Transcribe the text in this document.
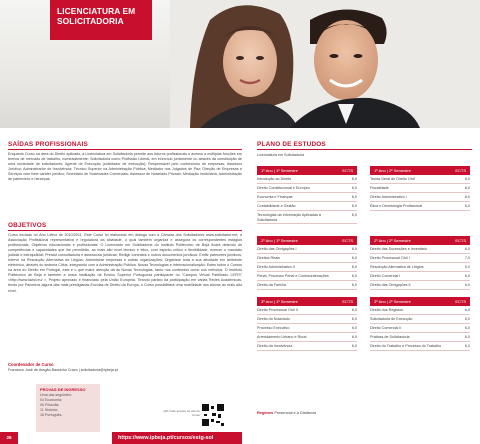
LICENCIATURA EM
SOLICITADORIA
SAÍDAS PROFISSIONAIS
Enquanto Curso na área do Direito aplicado, a Licenciatura em Solicitadoria permite aos futuros profissionais o acesso a múltiplas funções em termos de mercado de trabalho, nomeadamente: Solicitadoria como Profissão Liberal, em exercício juntamente ou através da constituição de uma sociedade de solicitadores; Agente de Execução (solicitador de execução); Responsável pelo contencioso de empresas; Assessor Jurídico; Administrador de Insolvência; Técnico Superior na Administração Pública; Mediador nos Julgados de Paz; Direção de Empresas e Serviços com forte caráter jurídico; Secretário de Sociedades Comerciais; Assessor de Notariado Privado; Mediação Imobiliária, Administração de património e heranças.
OBJETIVOS
Curso iniciado no Ano Letivo de 2010/2011. Este Curso foi elaborado em diálogo com a Câmara dos Solicitadores www.solicitador.net, a Associação Profissional representativa e reguladora da atividade, o qual também organiza e assegura os correspondentes estágios profissionais. Objetivos educacionais e profissionais: O Licenciado em Solicitadoria do Instituto Politécnico de Beja ficará detendo de competências e capacidades que lhe permitirão, ao mais alto nível técnico e ético, com espírito crítico e flexibilidade, exercer o mandato judicial e extrajudicial; Prestar consultadoria e assessoria jurídicas; Redigir contratos e outros documentos jurídicos; Emitir pareceres jurídicos; Intervir na Resolução Alternativa de Litígios; Administrar empresas e outras organizações; Organizar toda a sua atividade em ambiente eletrónico, através do sistema Citius, integrando com a Administração Pública. Novas Tecnologias e Internacionalização: Estes todos o Cursos na área do Direito em Portugal, este é o que maior atenção dá às Novas Tecnologias, tanto nos conteúdos como nos métodos. O Instituto Politécnico de Beja é também a única Instituição de Ensino Superior Portuguesa participante no "Campus Virtual Partilhado LEFIS" <http://www.lawcl.eu/ >, Projeto aprovado e financiado pela União Europeia. Tirando partido da participação em várias Redes Académicas, tendo por Parceiros alguns das mais prestigiadas Escolas de Direito da Europa, o Curso possibilitará uma mobilidade dos alunos ao mais alto nível.
Coordenador de Curso
Francisco José de Aragão Bassinho Cravo | solicitadoria@ipbeja.pt
PROVAS DE INGRESSO
Uma das seguintes:
04 Economia;
06 Filosofia;
11 História;
18 Português.
QR Code acesso ao site do Curso
26	https://www.ipbeja.pt/cursos/estg-sol
PLANO DE ESTUDOS
Licenciatura em Solicitadoria
1º Ano | 1º Semestre	ECTS
Introdução ao Direito	6,0
Direito Constitucional e Europeu	6,0
Economia e Finanças	6,0
Contabilidade e Gestão	6,0
Tecnologias da Informação Aplicadas à Solicitadoria
6,0
1º Ano | 2º Semestre	ECTS
Teoria Geral do Direito Civil	8,0
Fiscalidade	8,0
Direito Administrativo I	8,0
Ética e Deontologia Profissional	6,0
2º Ano | 1º Semestre	ECTS
Direito das Obrigações I	6,0
Direitos Reais	6,0
Direito Administrativo II	6,0
Penal, Processo Penal e Contraordenações	6,0
Direito da Família	6,0
2º Ano | 2º Semestre	ECTS
Direito das Sucessões e Inventário	6,0
Direito Processual Civil I	7,0
Resolução Alternativa de Litígios	5,0
Direito Comercial I	6,0
Direito das Obrigações II	6,0
3º Ano | 1º Semestre	ECTS
Direito Processual Civil II	6,0
Direito do Notariado	6,0
Processo Executivo	6,0
Arrendamento Urbano e Rural	6,0
Direito da Insolvência	6,0
3º Ano | 2º Semestre	ECTS
Direito dos Registos	6,0
Solicitadoria de Execução	6,0
Direito Comercial II	6,0
Práticas de Solicitadoria	6,0
Direito do Trabalho e Processo do Trabalho	6,0
Regimes Presencial e à Distância
